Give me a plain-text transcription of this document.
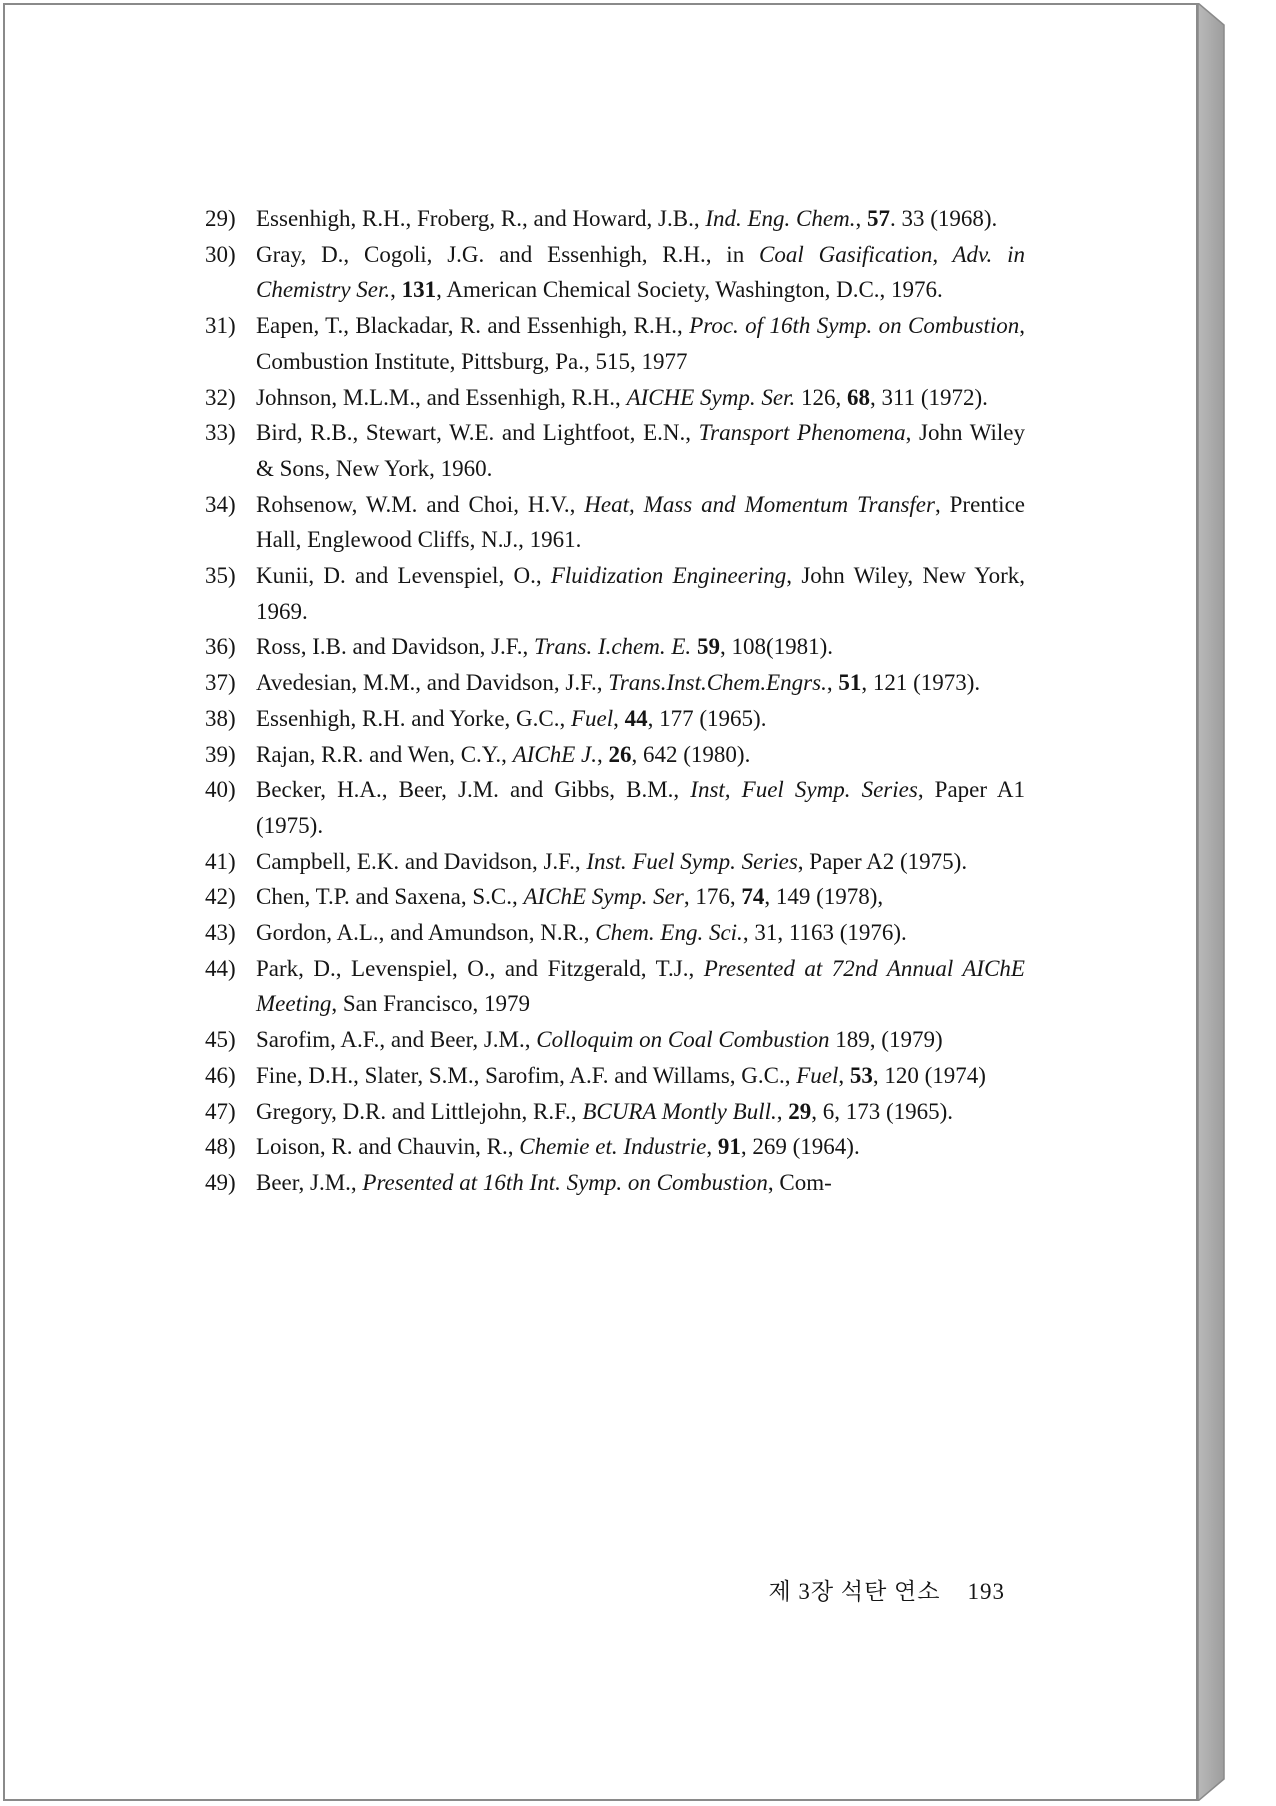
29) Essenhigh, R.H., Froberg, R., and Howard, J.B., Ind. Eng. Chem., 57. 33 (1968).
30) Gray, D., Cogoli, J.G. and Essenhigh, R.H., in Coal Gasification, Adv. in Chemistry Ser., 131, American Chemical Society, Washington, D.C., 1976.
31) Eapen, T., Blackadar, R. and Essenhigh, R.H., Proc. of 16th Symp. on Combustion, Combustion Institute, Pittsburg, Pa., 515, 1977
32) Johnson, M.L.M., and Essenhigh, R.H., AICHE Symp. Ser. 126, 68, 311 (1972).
33) Bird, R.B., Stewart, W.E. and Lightfoot, E.N., Transport Phenomena, John Wiley & Sons, New York, 1960.
34) Rohsenow, W.M. and Choi, H.V., Heat, Mass and Momentum Transfer, Prentice Hall, Englewood Cliffs, N.J., 1961.
35) Kunii, D. and Levenspiel, O., Fluidization Engineering, John Wiley, New York, 1969.
36) Ross, I.B. and Davidson, J.F., Trans. I.chem. E. 59, 108(1981).
37) Avedesian, M.M., and Davidson, J.F., Trans.Inst.Chem.Engrs., 51, 121 (1973).
38) Essenhigh, R.H. and Yorke, G.C., Fuel, 44, 177 (1965).
39) Rajan, R.R. and Wen, C.Y., AIChE J., 26, 642 (1980).
40) Becker, H.A., Beer, J.M. and Gibbs, B.M., Inst, Fuel Symp. Series, Paper A1 (1975).
41) Campbell, E.K. and Davidson, J.F., Inst. Fuel Symp. Series, Paper A2 (1975).
42) Chen, T.P. and Saxena, S.C., AIChE Symp. Ser, 176, 74, 149 (1978),
43) Gordon, A.L., and Amundson, N.R., Chem. Eng. Sci., 31, 1163 (1976).
44) Park, D., Levenspiel, O., and Fitzgerald, T.J., Presented at 72nd Annual AIChE Meeting, San Francisco, 1979
45) Sarofim, A.F., and Beer, J.M., Colloquim on Coal Combustion 189, (1979)
46) Fine, D.H., Slater, S.M., Sarofim, A.F. and Willams, G.C., Fuel, 53, 120 (1974)
47) Gregory, D.R. and Littlejohn, R.F., BCURA Montly Bull., 29, 6, 173 (1965).
48) Loison, R. and Chauvin, R., Chemie et. Industrie, 91, 269 (1964).
49) Beer, J.M., Presented at 16th Int. Symp. on Combustion, Com-
제 3장 석탄 연소 193
